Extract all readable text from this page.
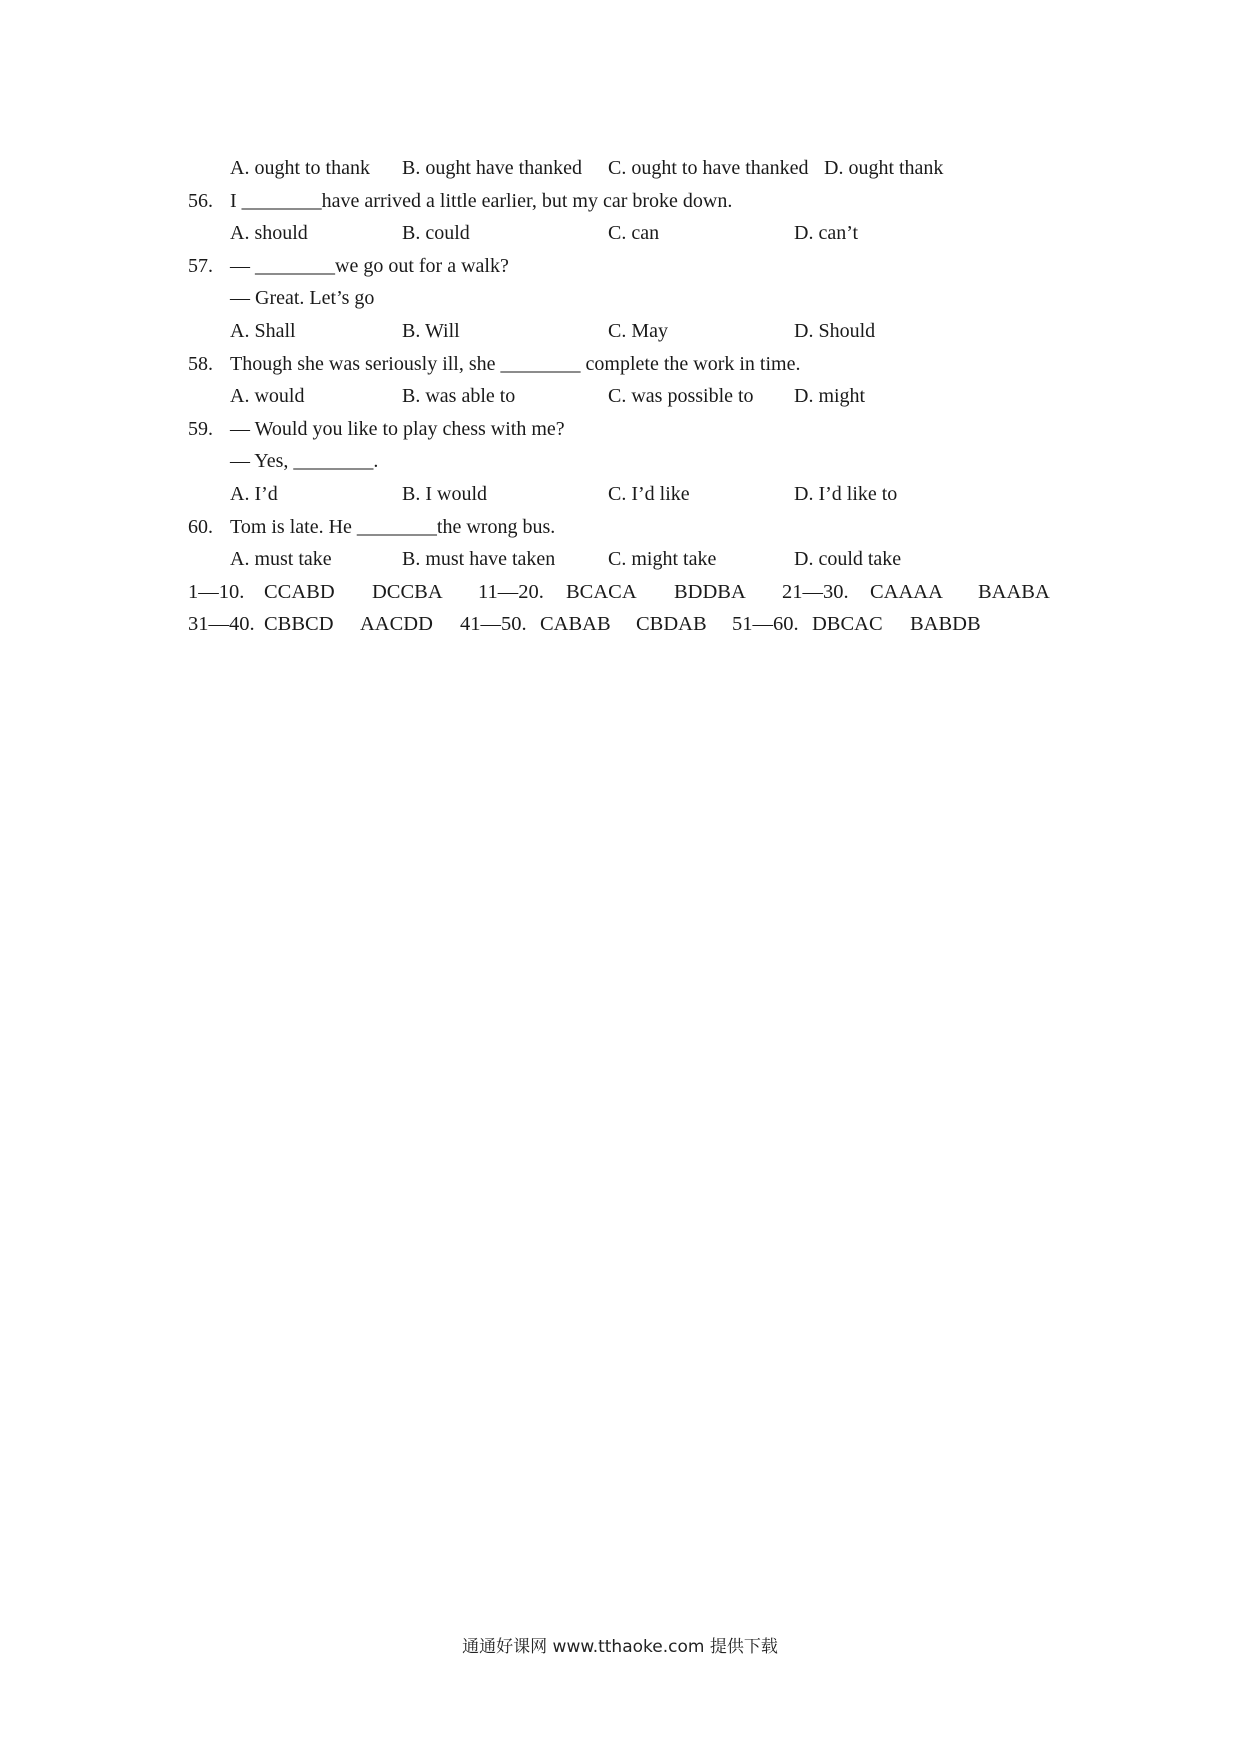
A. ought to thank B. ought have thanked C. ought to have thanked D. ought thank
56. I ________have arrived a little earlier, but my car broke down.
A. should	B. could	C. can	D. can’t
57. — ________we go out for a walk?
— Great. Let’s go
A. Shall	B. Will	C. May	D. Should
58. Though she was seriously ill, she ________ complete the work in time.
A. would	B. was able to	C. was possible to D. might
59. — Would you like to play chess with me?
— Yes, ________.
A. I’d	B. I would	C. I’d like	D. I’d like to
60. Tom is late. He ________the wrong bus.
A. must take	B. must have taken	C. might take	D. could take
1—10. CCABD DCCBA 11—20. BCACA BDDBA 21—30. CAAAA BAABA
31—40. CBBCD AACDD 41—50. CABAB CBDAB 51—60. DBCAC BABDB
通通好课网 www.tthaoke.com 提供下载
